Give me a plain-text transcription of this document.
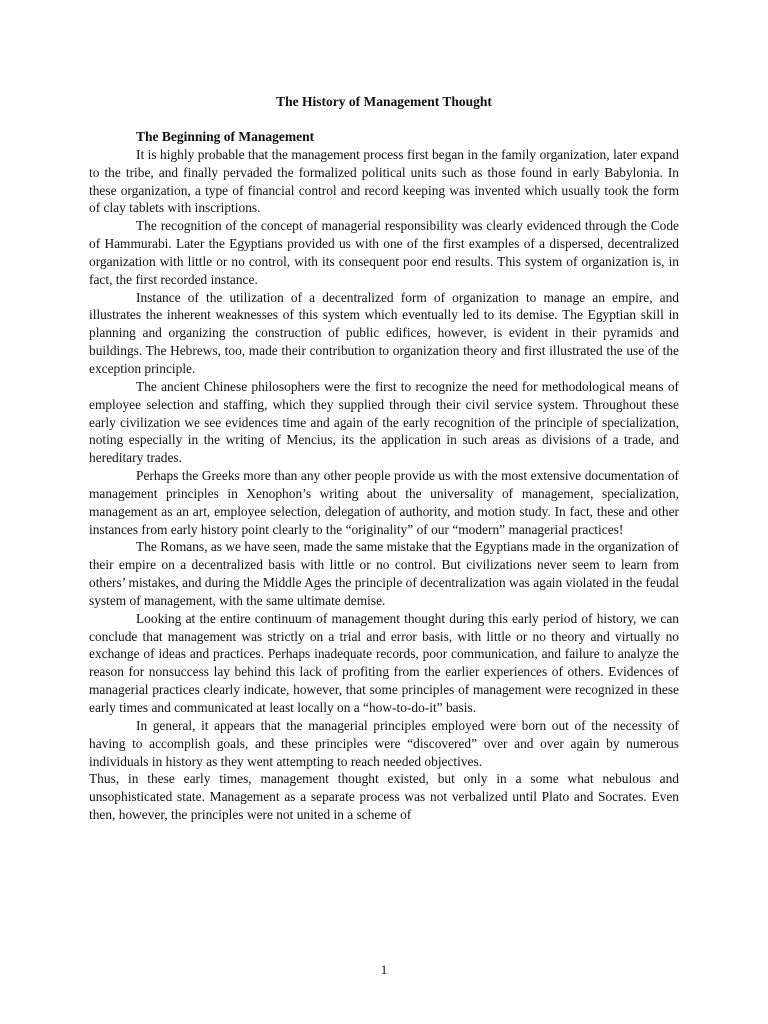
The History of Management Thought
The Beginning of Management

It is highly probable that the management process first began in the family organization, later expand to the tribe, and finally pervaded the formalized political units such as those found in early Babylonia. In these organization, a type of financial control and record keeping was invented which usually took the form of clay tablets with inscriptions.

The recognition of the concept of managerial responsibility was clearly evidenced through the Code of Hammurabi. Later the Egyptians provided us with one of the first examples of a dispersed, decentralized organization with little or no control, with its consequent poor end results. This system of organization is, in fact, the first recorded instance.

Instance of the utilization of a decentralized form of organization to manage an empire, and illustrates the inherent weaknesses of this system which eventually led to its demise. The Egyptian skill in planning and organizing the construction of public edifices, however, is evident in their pyramids and buildings. The Hebrews, too, made their contribution to organization theory and first illustrated the use of the exception principle.

The ancient Chinese philosophers were the first to recognize the need for methodological means of employee selection and staffing, which they supplied through their civil service system. Throughout these early civilization we see evidences time and again of the early recognition of the principle of specialization, noting especially in the writing of Mencius, its the application in such areas as divisions of a trade, and hereditary trades.

Perhaps the Greeks more than any other people provide us with the most extensive documentation of management principles in Xenophon’s writing about the universality of management, specialization, management as an art, employee selection, delegation of authority, and motion study. In fact, these and other instances from early history point clearly to the “originality” of our “modern” managerial practices!

The Romans, as we have seen, made the same mistake that the Egyptians made in the organization of their empire on a decentralized basis with little or no control. But civilizations never seem to learn from others’ mistakes, and during the Middle Ages the principle of decentralization was again violated in the feudal system of management, with the same ultimate demise.

Looking at the entire continuum of management thought during this early period of history, we can conclude that management was strictly on a trial and error basis, with little or no theory and virtually no exchange of ideas and practices. Perhaps inadequate records, poor communication, and failure to analyze the reason for nonsuccess lay behind this lack of profiting from the earlier experiences of others. Evidences of managerial practices clearly indicate, however, that some principles of management were recognized in these early times and communicated at least locally on a “how-to-do-it” basis.

In general, it appears that the managerial principles employed were born out of the necessity of having to accomplish goals, and these principles were “discovered” over and over again by numerous individuals in history as they went attempting to reach needed objectives.

Thus, in these early times, management thought existed, but only in a some what nebulous and unsophisticated state. Management as a separate process was not verbalized until Plato and Socrates. Even then, however, the principles were not united in a scheme of

1
